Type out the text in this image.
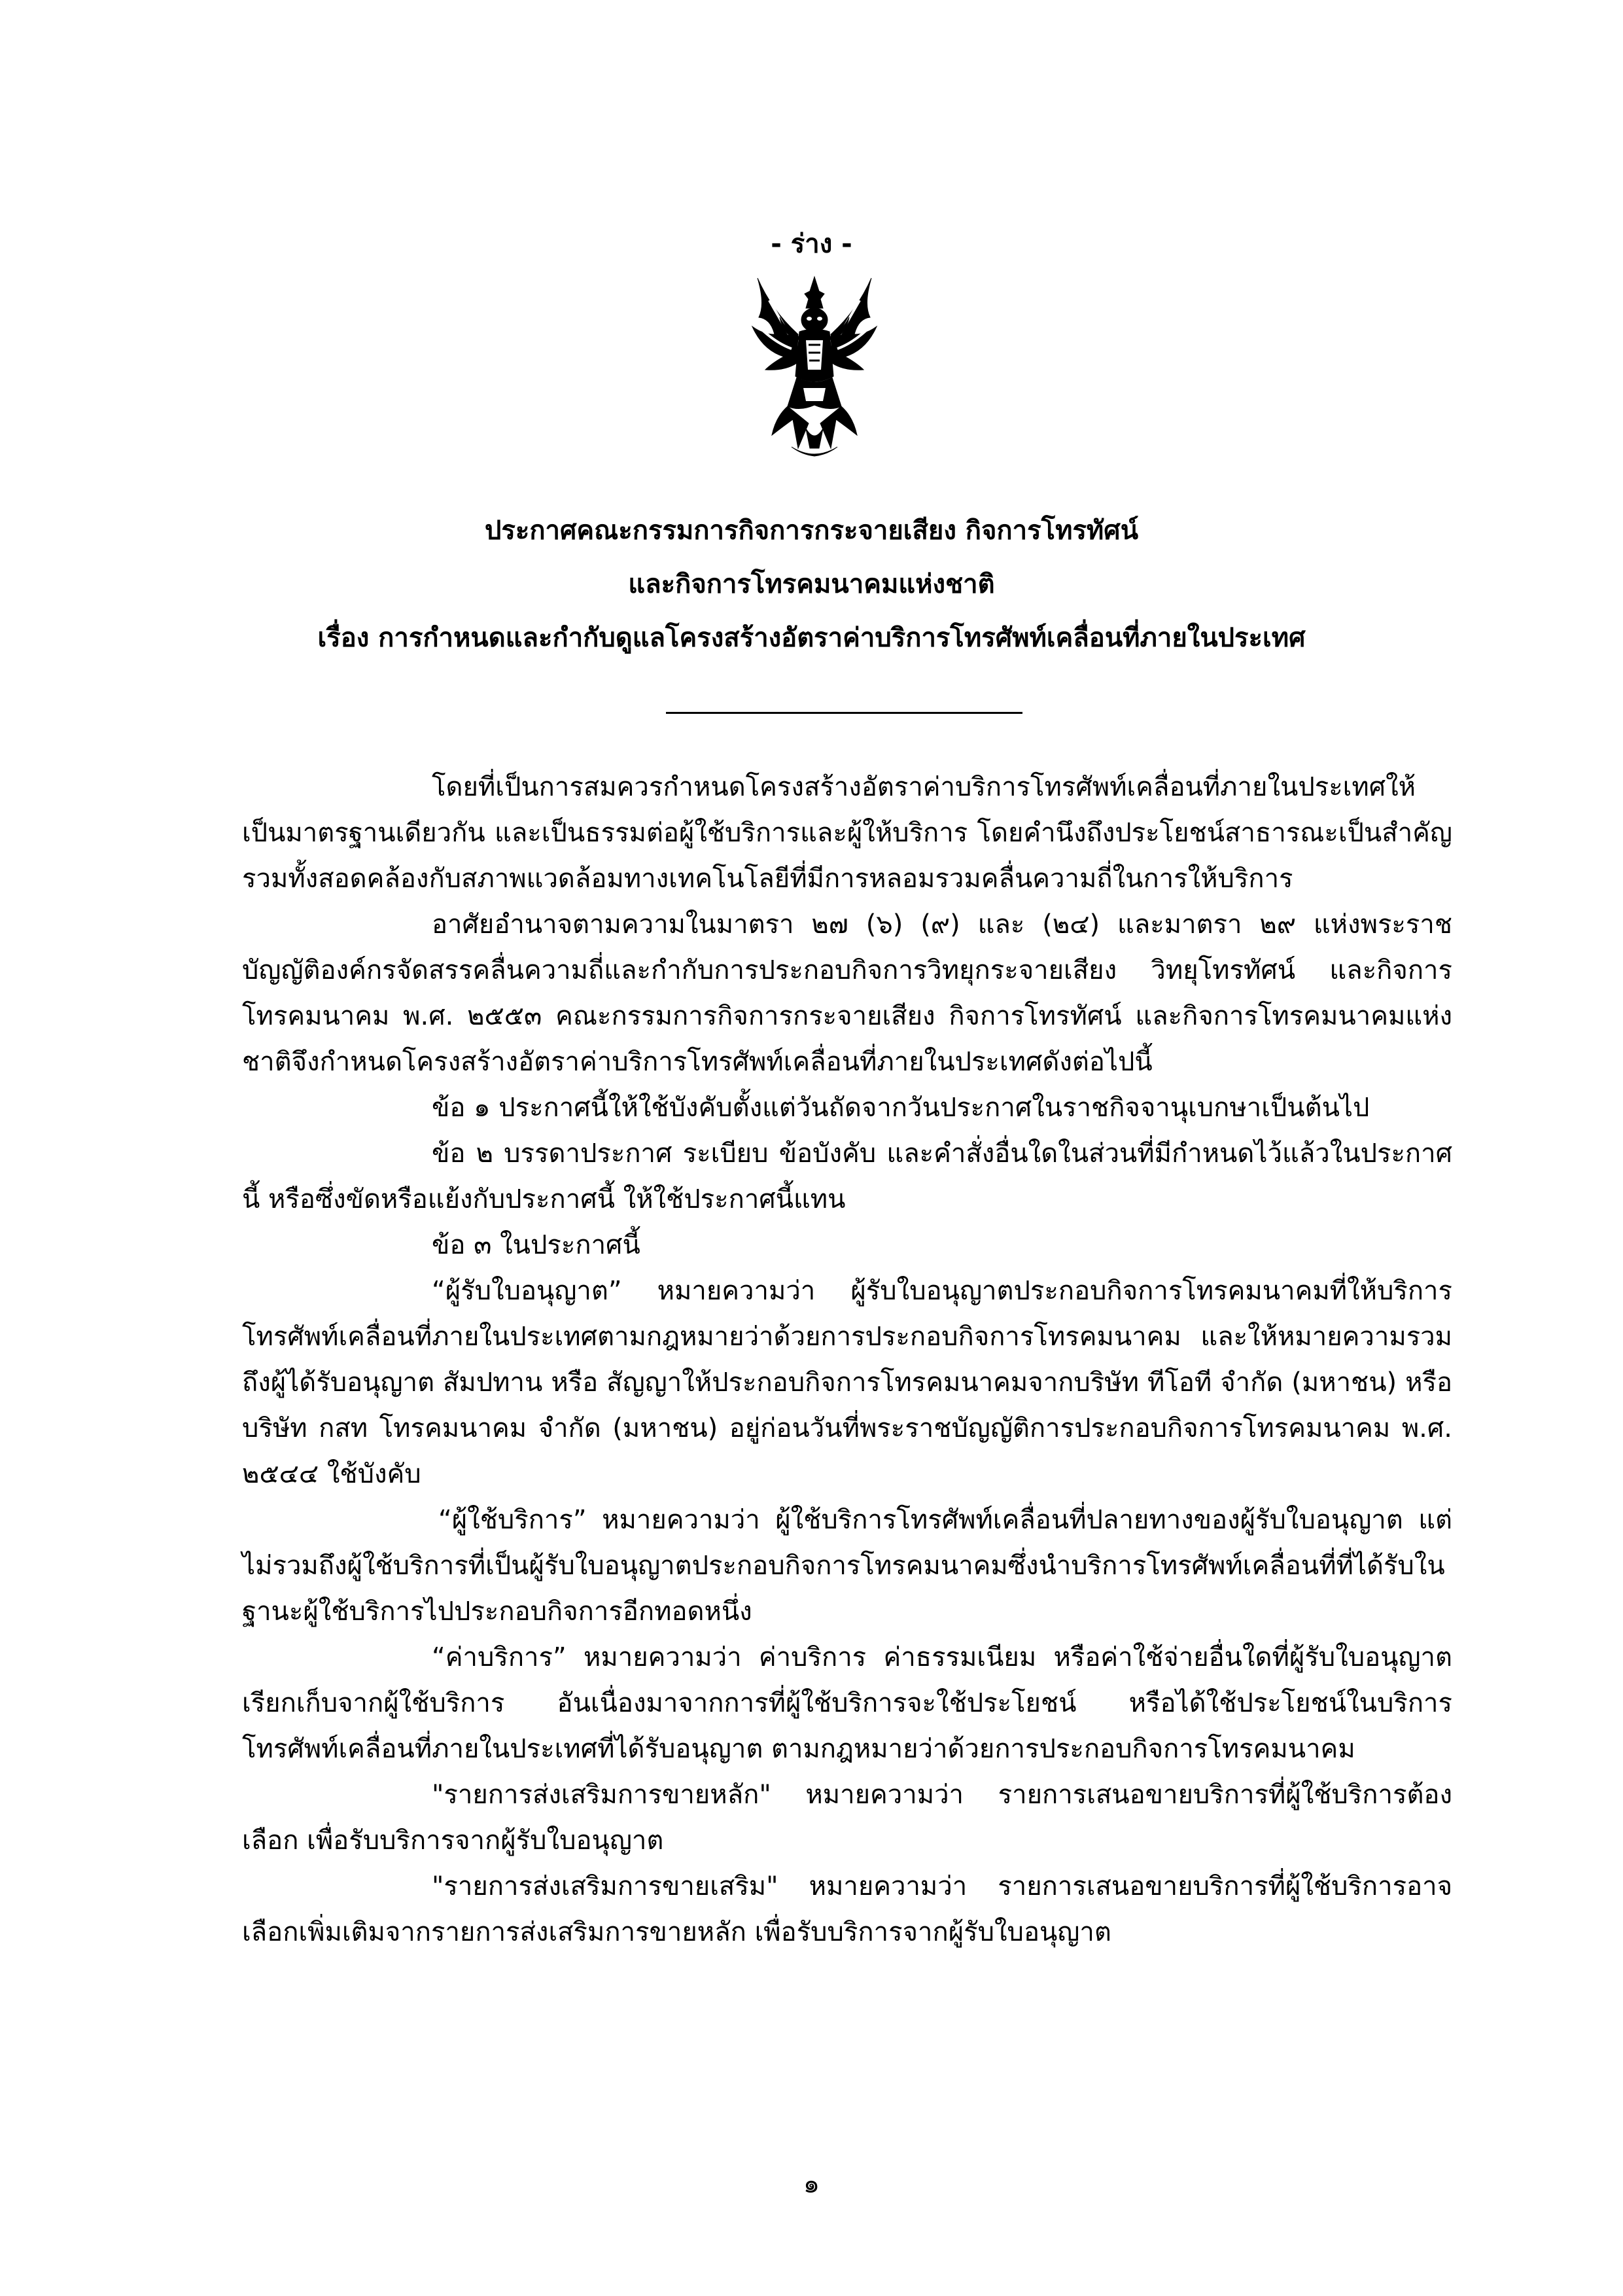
- ร่าง -
ประกาศคณะกรรมการกิจการกระจายเสียง กิจการโทรทัศน์
และกิจการโทรคมนาคมแห่งชาติ
เรื่อง การกำหนดและกำกับดูแลโครงสร้างอัตราค่าบริการโทรศัพท์เคลื่อนที่ภายในประเทศ

โดยที่เป็นการสมควรกำหนดโครงสร้างอัตราค่าบริการโทรศัพท์เคลื่อนที่ภายในประเทศให้เป็นมาตรฐานเดียวกัน และเป็นธรรมต่อผู้ใช้บริการและผู้ให้บริการ โดยคำนึงถึงประโยชน์สาธารณะเป็นสำคัญ รวมทั้งสอดคล้องกับสภาพแวดล้อมทางเทคโนโลยีที่มีการหลอมรวมคลื่นความถี่ในการให้บริการ

อาศัยอำนาจตามความในมาตรา ๒๗ (๖) (๙) และ (๒๔) และมาตรา ๒๙ แห่งพระราชบัญญัติองค์กรจัดสรรคลื่นความถี่และกำกับการประกอบกิจการวิทยุกระจายเสียง วิทยุโทรทัศน์ และกิจการโทรคมนาคม พ.ศ. ๒๕๕๓ คณะกรรมการกิจการกระจายเสียง กิจการโทรทัศน์ และกิจการโทรคมนาคมแห่งชาติจึงกำหนดโครงสร้างอัตราค่าบริการโทรศัพท์เคลื่อนที่ภายในประเทศดังต่อไปนี้

ข้อ ๑ ประกาศนี้ให้ใช้บังคับตั้งแต่วันถัดจากวันประกาศในราชกิจจานุเบกษาเป็นต้นไป

ข้อ ๒ บรรดาประกาศ ระเบียบ ข้อบังคับ และคำสั่งอื่นใดในส่วนที่มีกำหนดไว้แล้วในประกาศนี้ หรือซึ่งขัดหรือแย้งกับประกาศนี้ ให้ใช้ประกาศนี้แทน

ข้อ ๓ ในประกาศนี้

“ผู้รับใบอนุญาต” หมายความว่า ผู้รับใบอนุญาตประกอบกิจการโทรคมนาคมที่ให้บริการโทรศัพท์เคลื่อนที่ภายในประเทศตามกฎหมายว่าด้วยการประกอบกิจการโทรคมนาคม และให้หมายความรวมถึงผู้ได้รับอนุญาต สัมปทาน หรือ สัญญาให้ประกอบกิจการโทรคมนาคมจากบริษัท ทีโอที จำกัด (มหาชน) หรือ บริษัท กสท โทรคมนาคม จำกัด (มหาชน) อยู่ก่อนวันที่พระราชบัญญัติการประกอบกิจการโทรคมนาคม พ.ศ. ๒๕๔๔ ใช้บังคับ

“ผู้ใช้บริการ” หมายความว่า ผู้ใช้บริการโทรศัพท์เคลื่อนที่ปลายทางของผู้รับใบอนุญาต แต่ไม่รวมถึงผู้ใช้บริการที่เป็นผู้รับใบอนุญาตประกอบกิจการโทรคมนาคมซึ่งนำบริการโทรศัพท์เคลื่อนที่ที่ได้รับในฐานะผู้ใช้บริการไปประกอบกิจการอีกทอดหนึ่ง

“ค่าบริการ” หมายความว่า ค่าบริการ ค่าธรรมเนียม หรือค่าใช้จ่ายอื่นใดที่ผู้รับใบอนุญาตเรียกเก็บจากผู้ใช้บริการ อันเนื่องมาจากการที่ผู้ใช้บริการจะใช้ประโยชน์ หรือได้ใช้ประโยชน์ในบริการโทรศัพท์เคลื่อนที่ภายในประเทศที่ได้รับอนุญาต ตามกฎหมายว่าด้วยการประกอบกิจการโทรคมนาคม

"รายการส่งเสริมการขายหลัก" หมายความว่า รายการเสนอขายบริการที่ผู้ใช้บริการต้องเลือก เพื่อรับบริการจากผู้รับใบอนุญาต

"รายการส่งเสริมการขายเสริม" หมายความว่า รายการเสนอขายบริการที่ผู้ใช้บริการอาจเลือกเพิ่มเติมจากรายการส่งเสริมการขายหลัก เพื่อรับบริการจากผู้รับใบอนุญาต

๑
